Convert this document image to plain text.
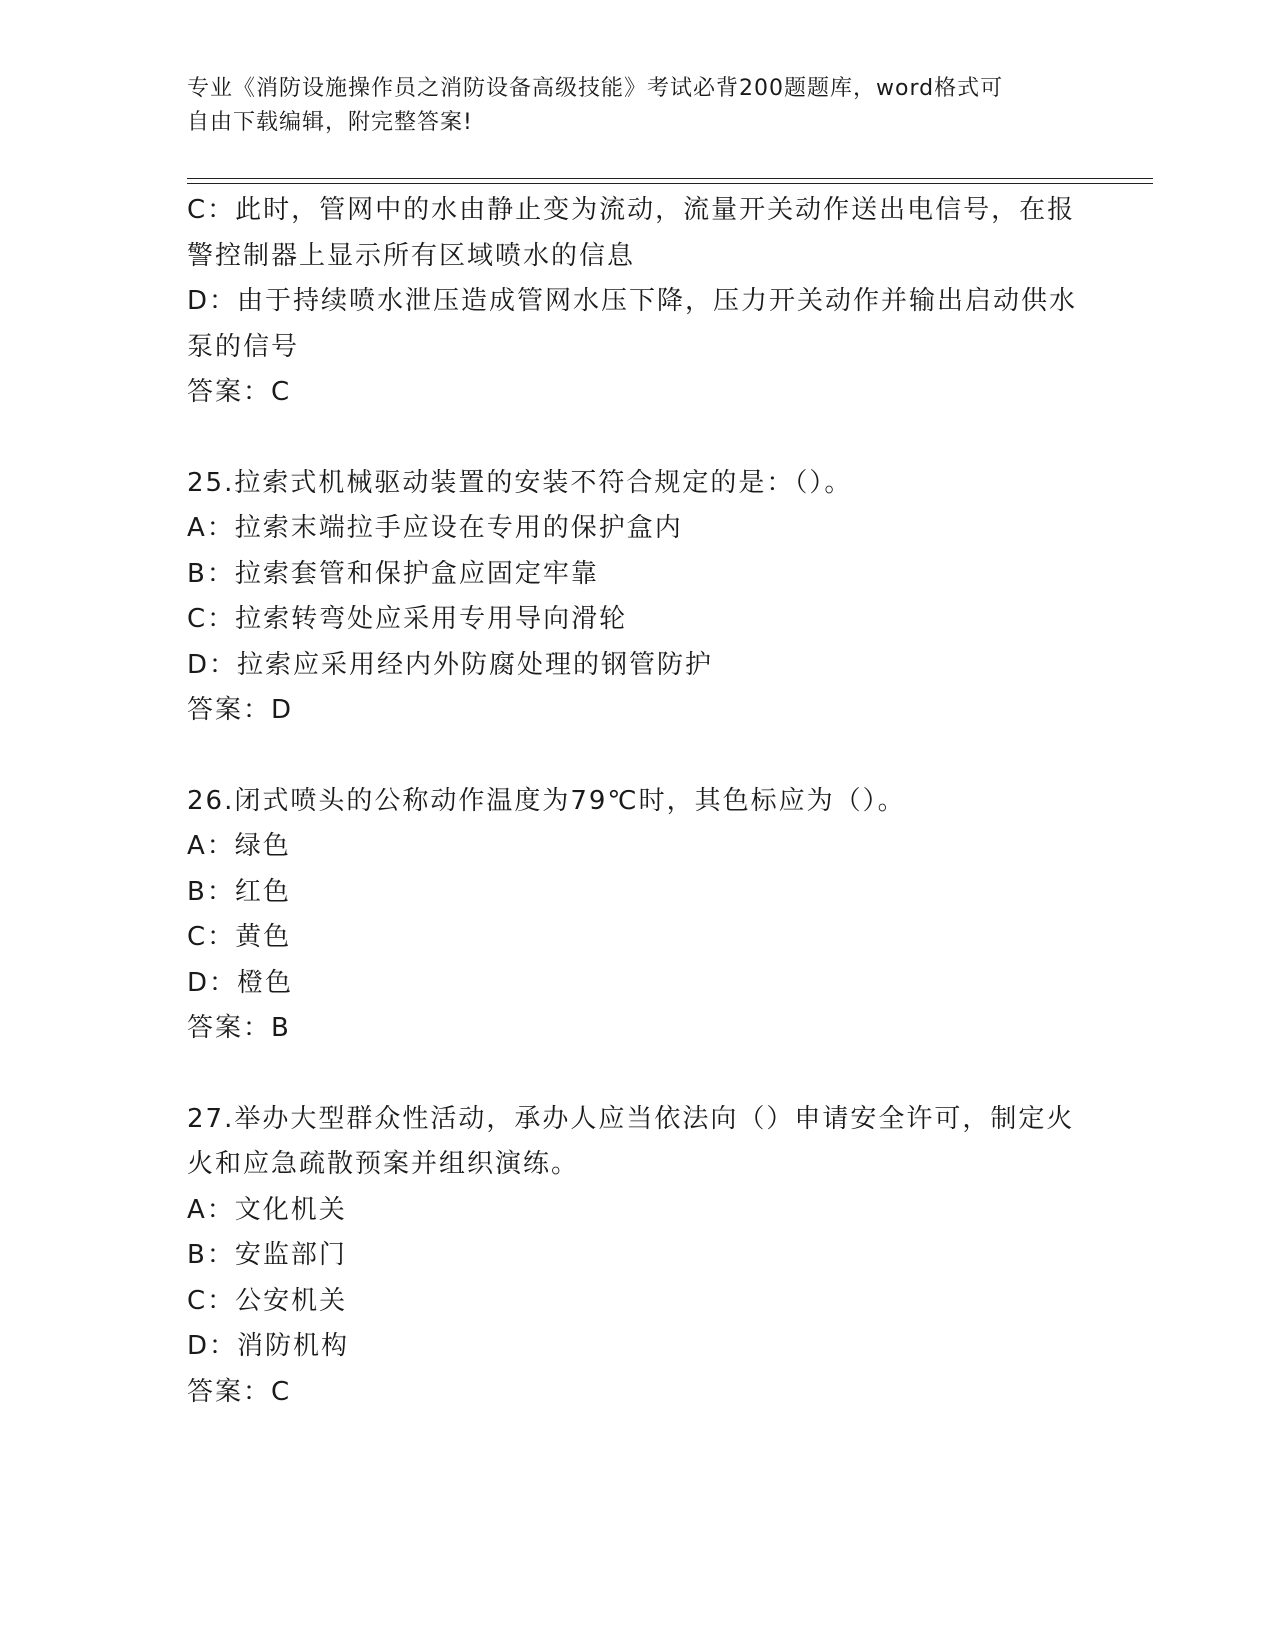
专业《消防设施操作员之消防设备高级技能》考试必背200题题库，word格式可
自由下载编辑，附完整答案!
C：此时，管网中的水由静止变为流动，流量开关动作送出电信号，在报警控制器上显示所有区域喷水的信息
D：由于持续喷水泄压造成管网水压下降，压力开关动作并输出启动供水泵的信号
答案：C
25.拉索式机械驱动装置的安装不符合规定的是：（）。
A：拉索末端拉手应设在专用的保护盒内
B：拉索套管和保护盒应固定牢靠
C：拉索转弯处应采用专用导向滑轮
D：拉索应采用经内外防腐处理的钢管防护
答案：D
26.闭式喷头的公称动作温度为79℃时，其色标应为（）。
A：绿色
B：红色
C：黄色
D：橙色
答案：B
27.举办大型群众性活动，承办人应当依法向（）申请安全许可，制定火火和应急疏散预案并组织演练。
A：文化机关
B：安监部门
C：公安机关
D：消防机构
答案：C
